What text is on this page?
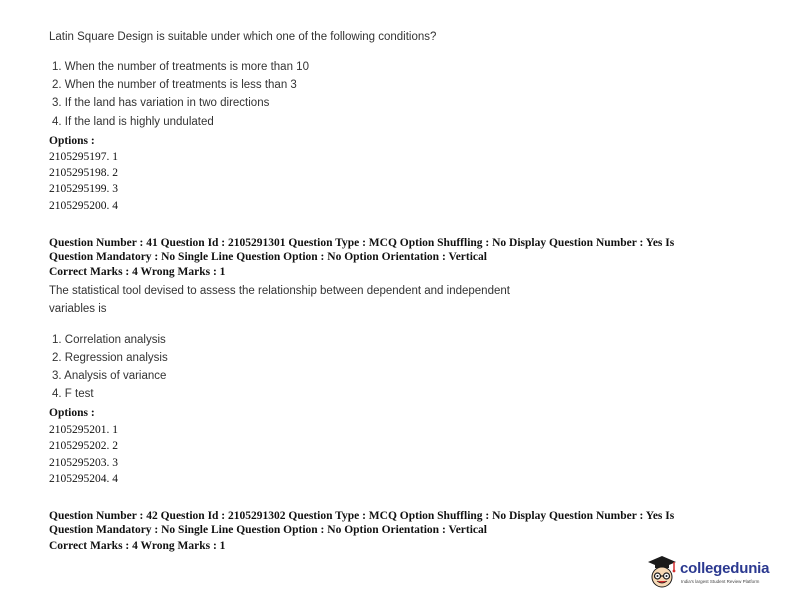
Latin Square Design is suitable under which one of the following conditions?
1. When the number of treatments is more than 10
2. When the number of treatments is less than 3
3. If the land has variation in two directions
4. If the land is highly undulated
Options :
2105295197. 1
2105295198. 2
2105295199. 3
2105295200. 4
Question Number : 41 Question Id : 2105291301 Question Type : MCQ Option Shuffling : No Display Question Number : Yes Is
Question Mandatory : No Single Line Question Option : No Option Orientation : Vertical
Correct Marks : 4 Wrong Marks : 1
The statistical tool devised to assess the relationship between dependent and independent
variables is
1. Correlation analysis
2. Regression analysis
3. Analysis of variance
4. F test
Options :
2105295201. 1
2105295202. 2
2105295203. 3
2105295204. 4
Question Number : 42 Question Id : 2105291302 Question Type : MCQ Option Shuffling : No Display Question Number : Yes Is
Question Mandatory : No Single Line Question Option : No Option Orientation : Vertical
Correct Marks : 4 Wrong Marks : 1
collegedunia
India's largest Student Review Platform
